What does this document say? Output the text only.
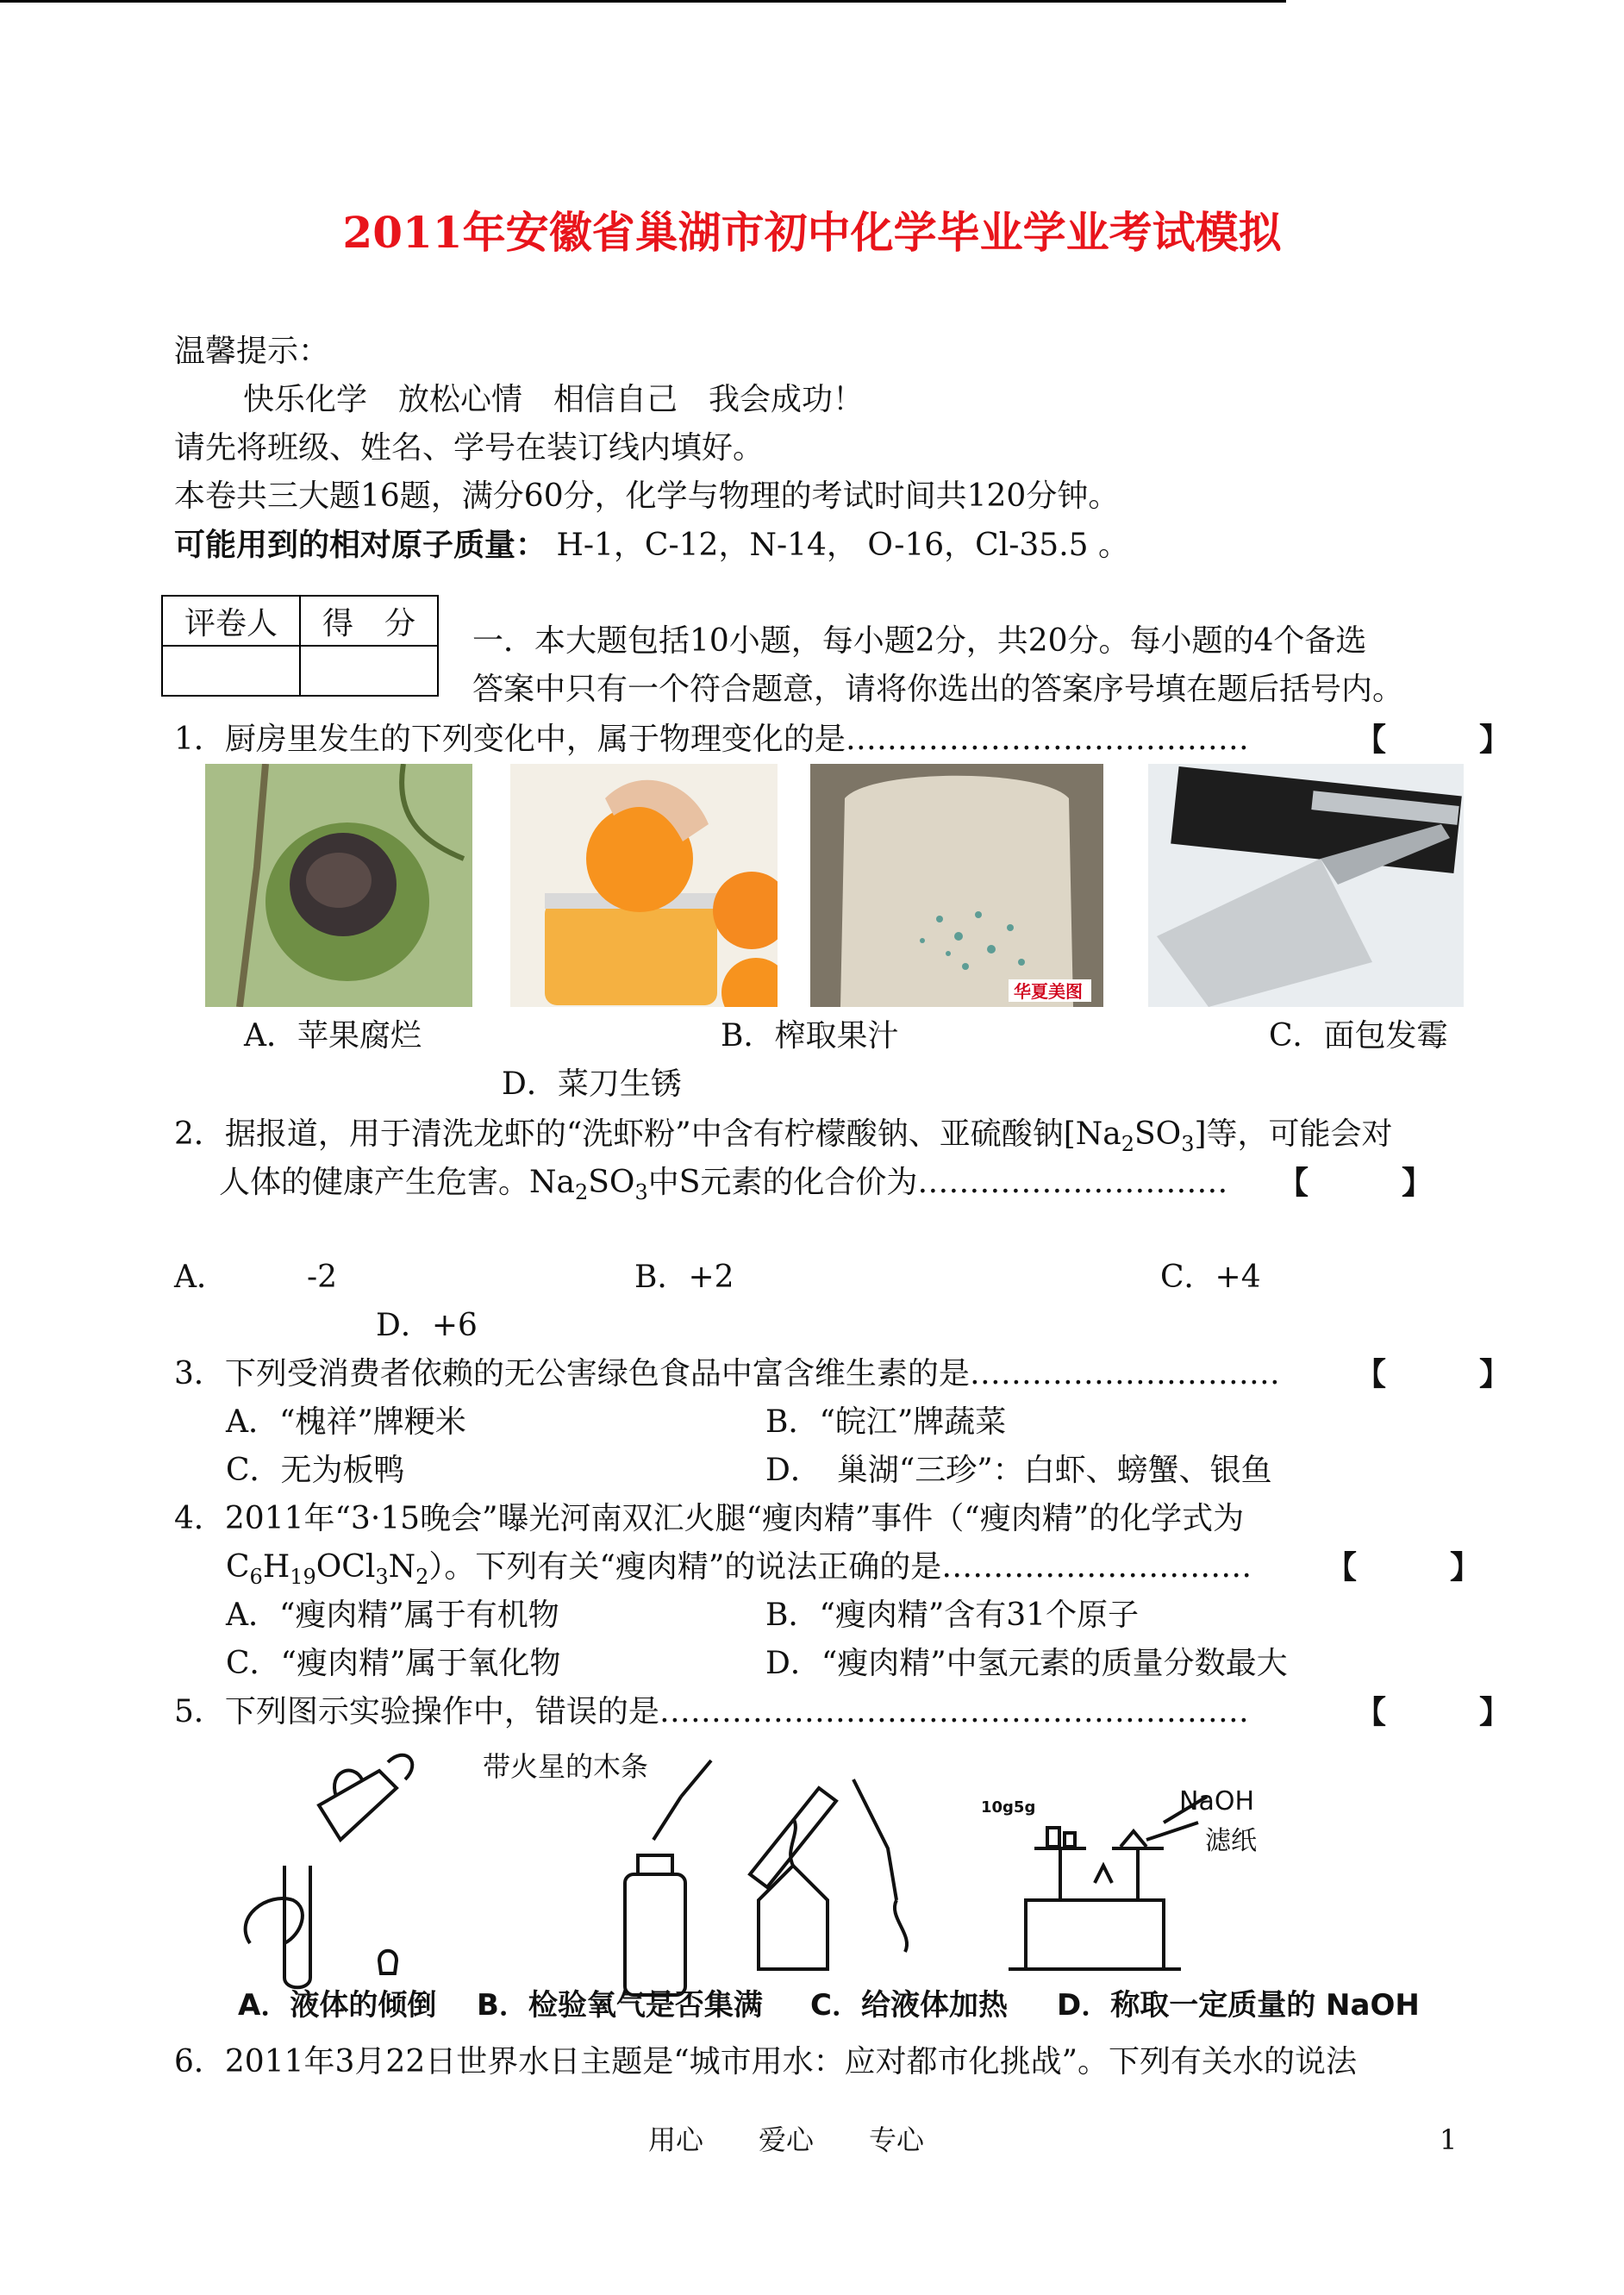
2011年安徽省巢湖市初中化学毕业学业考试模拟
温馨提示：
快乐化学　放松心情　相信自己　我会成功！
请先将班级、姓名、学号在装订线内填好。
本卷共三大题16题，满分60分，化学与物理的考试时间共120分钟。
可能用到的相对原子质量： H-1，C-12，N-14， O-16，Cl-35.5 。
评卷人	得　分
	一．本大题包括10小题，每小题2分，共20分。每小题的4个备选
答案中只有一个符合题意，请将你选出的答案序号填在题后括号内。
1．厨房里发生的下列变化中，属于物理变化的是…………………………………	【　　　】
华夏美图
A．苹果腐烂	B．榨取果汁	C．面包发霉
D．菜刀生锈
2．据报道，用于清洗龙虾的“洗虾粉”中含有柠檬酸钠、亚硫酸钠$[Na_2SO_3]$等，可能会对
人体的健康产生危害。$Na_2SO_3$中S元素的化合价为………………………… 【　　　】
A．	-2	B．+2	C．+4
D．+6
3．下列受消费者依赖的无公害绿色食品中富含维生素的是………………………… 【　　　】
A．“槐祥”牌粳米	B．“皖江”牌蔬菜
C．无为板鸭	D．　巢湖“三珍”：白虾、螃蟹、银鱼
4．2011年“3·15晚会”曝光河南双汇火腿“瘦肉精”事件（“瘦肉精”的化学式为
$C_6H_{19}OCl_3N_2$）。下列有关“瘦肉精”的说法正确的是………………………… 【　　　】
A．“瘦肉精”属于有机物	B．“瘦肉精”含有31个原子
C．“瘦肉精”属于氧化物	D．“瘦肉精”中氢元素的质量分数最大
5．下列图示实验操作中，错误的是…………………………………………………	【　　　】
带火星的木条
10g5g	NaOH
滤纸
A．液体的倾倒 B．检验氧气是否集满 C．给液体加热 D．称取一定质量的 NaOH
6．2011年3月22日世界水日主题是“城市用水：应对都市化挑战”。下列有关水的说法
用心　　爱心　　专心	1
